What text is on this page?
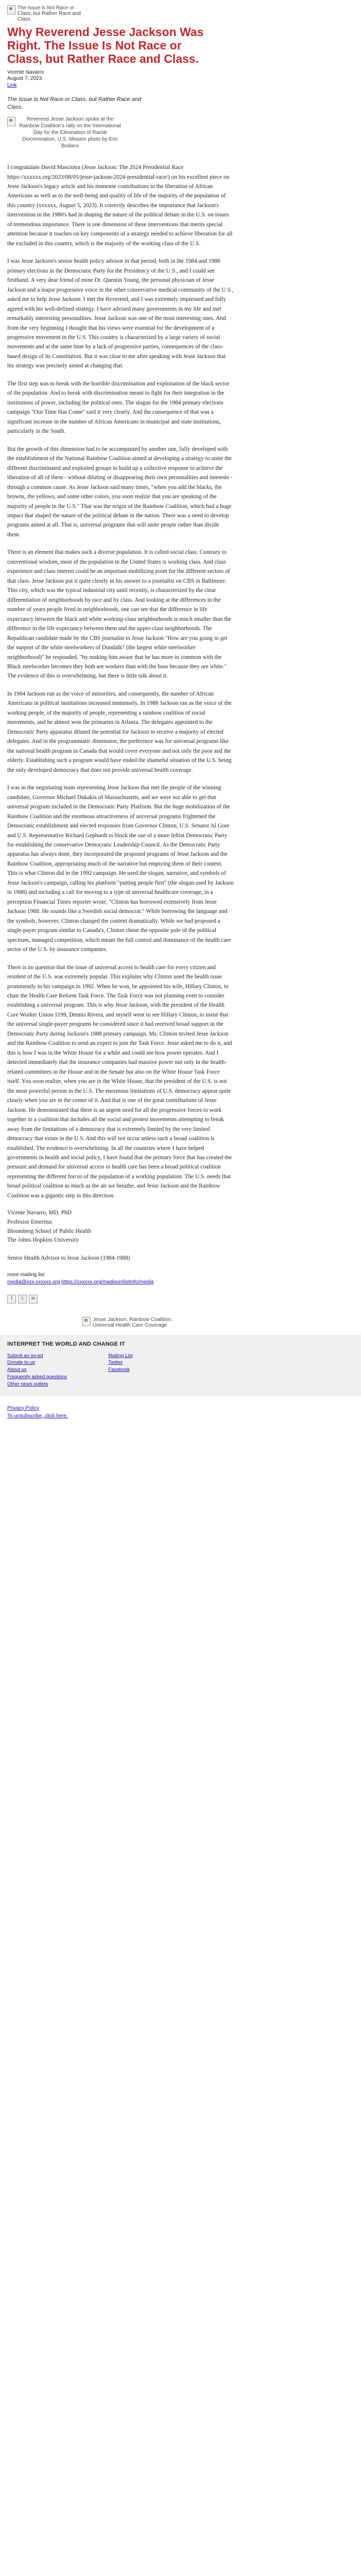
The Issue is Not Race or Class, but Rather Race and Class
Why Reverend Jesse Jackson Was Right. The Issue Is Not Race or Class, but Rather Race and Class.
Vicente Navarro
August 7, 2023
Link
The Issue Is Not Race or Class, but Rather Race and Class.
Reverend Jesse Jackson spoke at the Rainbow Coalition's rally on the International Day for the Elimination of Racial Discrimination, U.S. Mission photo by Eric Bridiers

I congratulate David Masciotra (Jesse Jackson: The 2024 Presidential Race https://xxxxxx.org/2023/08/05/jesse-jackson-2024-presidential-race/) on his excellent piece on Jesse Jackson's legacy article and his immense contributions to the liberation of African Americans as well as to the well-being and quality of life of the majority of the population of this country (xxxxxx, August 5, 2023). It correctly describes the importance that Jackson's intervention in the 1980's had in shaping the nature of the political debate in the U.S. on issues of tremendous importance. There is one dimension of these interventions that merits special attention because it touches on key components of a strategy needed to achieve liberation for all the excluded in this country, which is the majority of the working class of the U.S.

I was Jesse Jackson's senior health policy advisor in that period, both in the 1984 and 1988 primary elections in the Democratic Party for the Presidency of the U.S., and I could see firsthand. A very dear friend of mine Dr. Quentin Young, the personal physician of Jesse Jackson and a major progressive voice in the other conservative medical community of the U.S., asked me to help Jesse Jackson. I met the Reverend, and I was extremely impressed and fully agreed with his well-defined strategy. I have advised many governments in my life and met remarkably interesting personalities. Jesse Jackson was one of the most interesting ones. And from the very beginning I thought that his views were essential for the development of a progressive movement in the U.S. This country is characterized by a large variety of social movements and at the same time by a lack of progressive parties, consequences of the class-based design of its Constitution. But it was clear to me after speaking with Jesse Jackson that his strategy was precisely aimed at changing that.

The first step was to break with the horrible discrimination and exploitation of the black sector of the population. And to break with discrimination meant to fight for their integration in the institutions of power, including the political ones. The slogan for the 1984 primary elections campaign "Our Time Has Come" said it very clearly. And the consequence of that was a significant increase in the number of African Americans in municipal and state institutions, particularly in the South.

But the growth of this dimension had to be accompanied by another one, fully developed with the establishment of the National Rainbow Coalition aimed at developing a strategy to unite the different discriminated and exploited groups to build up a collective response to achieve the liberation of all of them - without diluting or disappearing their own personalities and interests - through a common cause. As Jesse Jackson said many times, "when you add the blacks, the browns, the yellows, and some other colors, you soon realize that you are speaking of the majority of people in the U.S." That was the origin of the Rainbow Coalition, which had a huge impact that shaped the nature of the political debate in the nation. There was a need to develop programs aimed at all. That is, universal programs that will unite people rather than divide them.

There is an element that makes such a diverse population. It is called social class. Contrary to conventional wisdom, most of the population in the United States is working class. And class experience and class interest could be an important mobilizing point for the different sectors of that class. Jesse Jackson put it quite clearly in his answer to a journalist on CBS in Baltimore. This city, which was the typical industrial city until recently, is characterized by the clear differentiation of neighborhoods by race and by class. And looking at the differences in the number of years people lived in neighborhoods, one can see that the difference in life expectancy between the black and white working-class neighborhoods is much smaller than the difference in the life expectancy between them and the upper-class neighborhoods. The Republican candidate made by the CBS journalist to Jesse Jackson "How are you going to get the support of the white steelworkers of Dundalk? (the largest white steelworker neighborhood)" he responded, "by making him aware that he has more in common with the Black steelworker becomes they both are workers than with the boss because they are white." The evidence of this is overwhelming, but there is little talk about it.

In 1984 Jackson run as the voice of minorities, and consequently, the number of African Americans in political institutions increased immensely. In 1988 Jackson ran as the voice of the working people, of the majority of people, representing a rainbow coalition of social movements, and he almost won the primaries in Atlanta. The delegates appointed to the Democratic Party apparatus diluted the potential for Jackson to receive a majority of elected delegates. And in the programmatic dimension, the preference was for universal programs like the national health program in Canada that would cover everyone and not only the poor and the elderly. Establishing such a program would have ended the shameful situation of the U.S. being the only developed democracy that does not provide universal health coverage.

I was in the negotiating team representing Jesse Jackson that met the people of the winning candidate, Governor Michael Dukakis of Massachusetts, and we were not able to get that universal program included in the Democratic Party Platform. But the huge mobilization of the Rainbow Coalition and the enormous attractiveness of universal programs frightened the Democratic establishment and elected responses from Governor Clinton, U.S. Senator Al Gore and U.S. Representative Richard Gephardt to block the use of a more leftist Democratic Party for establishing the conservative Democratic Leadership Council. As the Democratic Party apparatus has always done, they incorporated the proposed programs of Jesse Jackson and the Rainbow Coalition, appropriating much of the narrative but emptying them of their content. This is what Clinton did in the 1992 campaign. He used the slogan, narrative, and symbols of Jesse Jackson's campaign, calling his platform "putting people first" (the slogan used by Jackson in 1988) and including a call for moving to a type of universal healthcare coverage, in a perception Financial Times reporter wrote, "Clinton has borrowed extensively from Jesse Jackson 1988. He sounds like a Swedish social democrat." While borrowing the language and the symbols, however, Clinton changed the content dramatically. While we had proposed a single-payer program similar to Canada's, Clinton chose the opposite pole of the political spectrum, managed competition, which meant the full control and dominance of the health care sector of the U.S. by insurance companies.

There is no question that the issue of universal access to health care for every citizen and resident of the U.S. was extremely popular. This explains why Clinton used the health issue prominently in his campaign in 1992. When he won, he appointed his wife, Hillary Clinton, to chair the Health Care Reform Task Force. The Task Force was not planning even to consider establishing a universal program. This is why Jesse Jackson, with the president of the Health Care Worker Union 1199, Dennis Rivera, and myself went to see Hillary Clinton, to insist that the universal single-payer programs be considered since it had received broad support in the Democratic Party during Jackson's 1988 primary campaign. Ms. Clinton invited Jesse Jackson and the Rainbow Coalition to send an expert to join the Task Force. Jesse asked me to do it, and this is how I was in the White House for a while and could see how power operates. And I detected immediately that the insurance companies had massive power not only in the health-related committees in the House and in the Senate but also on the White House Task Force itself. You soon realize, when you are in the White House, that the president of the U.S. is not the most powerful person in the U.S. The enormous limitations of U.S. democracy appear quite clearly when you are in the center of it. And that is one of the great contributions of Jesse Jackson. He demonstrated that there is an urgent need for all the progressive forces to work together in a coalition that includes all the social and protest movements attempting to break away from the limitations of a democracy that is extremely limited by the very limited democracy that exists in the U.S. And this will not occur unless such a broad coalition is established. The evidence is overwhelming. In all the countries where I have helped governments in health and social policy, I have found that the primary force that has created the pressure and demand for universal access to health care has been a broad political coalition representing the different forces of the population of a working population. The U.S. needs that broad political coalition as much as the air we breathe, and Jesse Jackson and the Rainbow Coalition was a gigantic step in this direction.

Vicente Navarro, MD, PhD
Professor Emeritus
Bloomberg School of Public Health
The Johns Hopkins University
Senior Health Advisor to Jesse Jackson (1984-1988)
more mailing list
media@xxx.xxxxxx.org https://xxxxxx.org/madison/listinfo/media
f	t	✉
Jesse Jackson, Rainbow Coalition: Universal Health Care Coverage
INTERPRET THE WORLD AND CHANGE IT
Submit an op-ed
Donate to us
About us
Frequently asked questions
Other news outlets
Mailing List
Twitter
Facebook
Privacy Policy
To unsubscribe, click here.
